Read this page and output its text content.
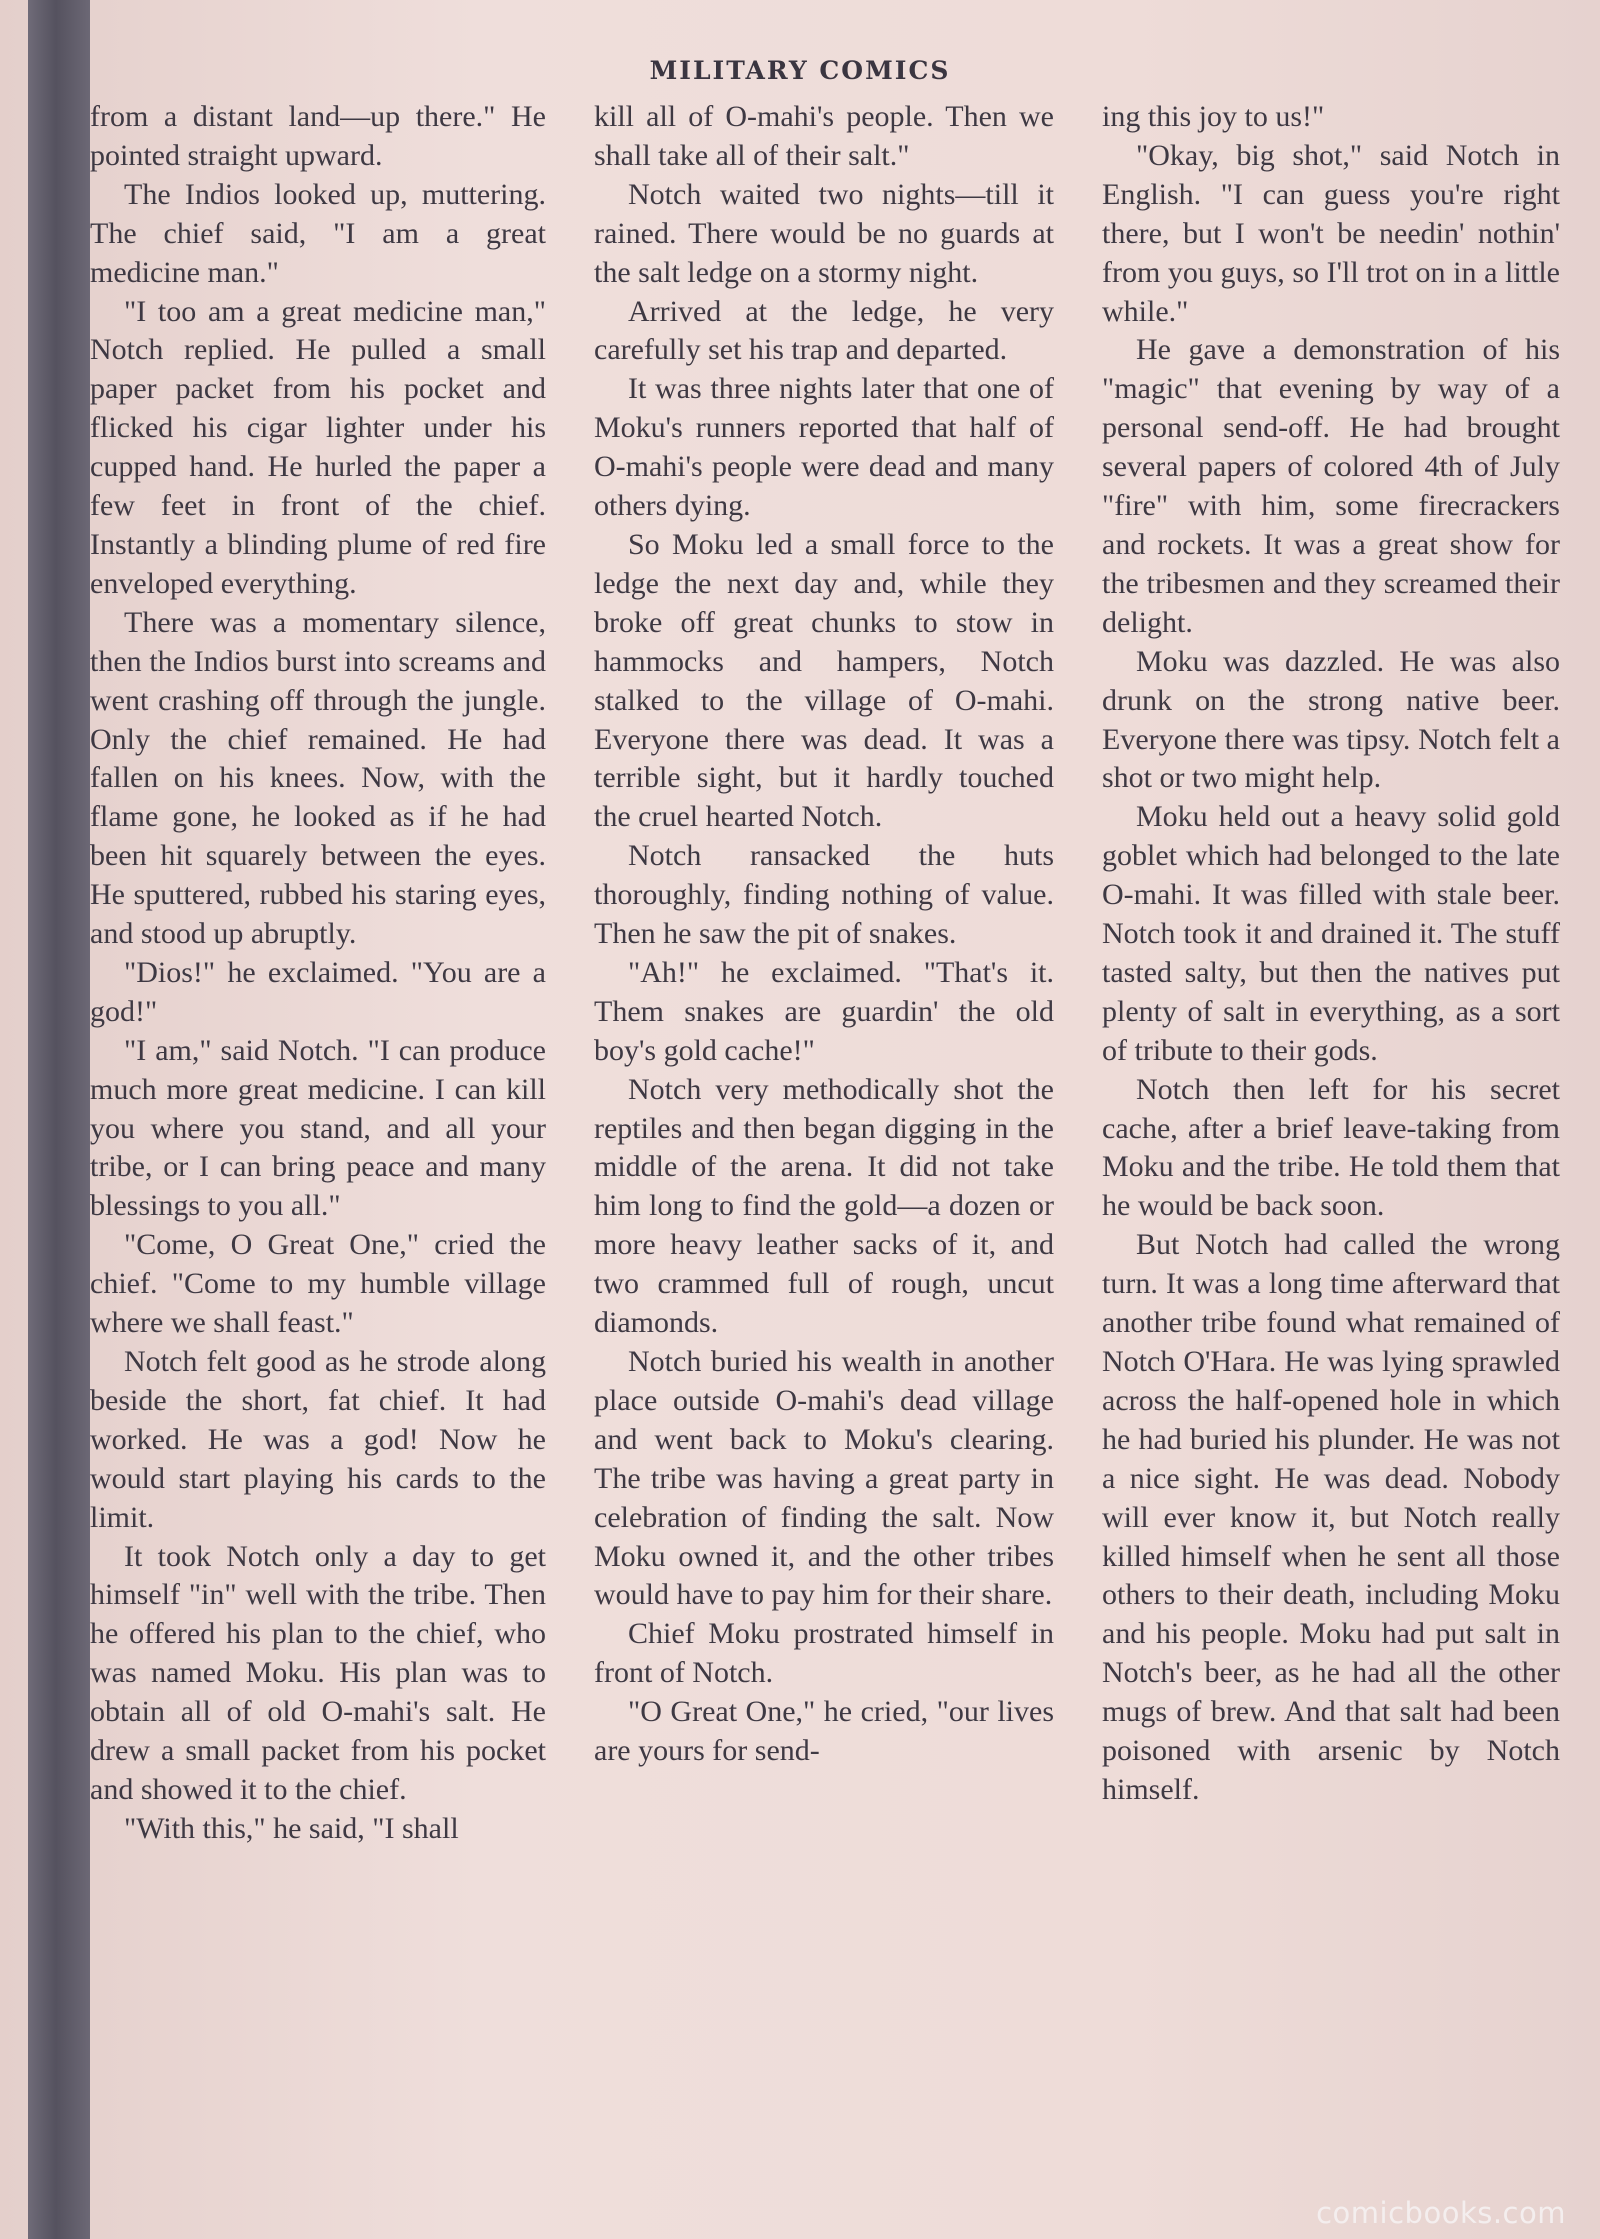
MILITARY COMICS

from a distant land—up there." He pointed straight upward.

The Indios looked up, muttering. The chief said, "I am a great medicine man."

"I too am a great medicine man," Notch replied. He pulled a small paper packet from his pocket and flicked his cigar lighter under his cupped hand. He hurled the paper a few feet in front of the chief. Instantly a blinding plume of red fire enveloped everything.

There was a momentary silence, then the Indios burst into screams and went crashing off through the jungle. Only the chief remained. He had fallen on his knees. Now, with the flame gone, he looked as if he had been hit squarely between the eyes. He sputtered, rubbed his staring eyes, and stood up abruptly.

"Dios!" he exclaimed. "You are a god!"

"I am," said Notch. "I can produce much more great medicine. I can kill you where you stand, and all your tribe, or I can bring peace and many blessings to you all."

"Come, O Great One," cried the chief. "Come to my humble village where we shall feast."

Notch felt good as he strode along beside the short, fat chief. It had worked. He was a god! Now he would start playing his cards to the limit.

It took Notch only a day to get himself "in" well with the tribe. Then he offered his plan to the chief, who was named Moku. His plan was to obtain all of old O-mahi's salt. He drew a small packet from his pocket and showed it to the chief.

"With this," he said, "I shall

kill all of O-mahi's people. Then we shall take all of their salt."

Notch waited two nights—till it rained. There would be no guards at the salt ledge on a stormy night.

Arrived at the ledge, he very carefully set his trap and departed.

It was three nights later that one of Moku's runners reported that half of O-mahi's people were dead and many others dying.

So Moku led a small force to the ledge the next day and, while they broke off great chunks to stow in hammocks and hampers, Notch stalked to the village of O-mahi. Everyone there was dead. It was a terrible sight, but it hardly touched the cruel hearted Notch.

Notch ransacked the huts thoroughly, finding nothing of value. Then he saw the pit of snakes.

"Ah!" he exclaimed. "That's it. Them snakes are guardin' the old boy's gold cache!"

Notch very methodically shot the reptiles and then began digging in the middle of the arena. It did not take him long to find the gold—a dozen or more heavy leather sacks of it, and two crammed full of rough, uncut diamonds.

Notch buried his wealth in another place outside O-mahi's dead village and went back to Moku's clearing. The tribe was having a great party in celebration of finding the salt. Now Moku owned it, and the other tribes would have to pay him for their share.

Chief Moku prostrated himself in front of Notch.

"O Great One," he cried, "our lives are yours for send-

ing this joy to us!"

"Okay, big shot," said Notch in English. "I can guess you're right there, but I won't be needin' nothin' from you guys, so I'll trot on in a little while."

He gave a demonstration of his "magic" that evening by way of a personal send-off. He had brought several papers of colored 4th of July "fire" with him, some firecrackers and rockets. It was a great show for the tribesmen and they screamed their delight.

Moku was dazzled. He was also drunk on the strong native beer. Everyone there was tipsy. Notch felt a shot or two might help.

Moku held out a heavy solid gold goblet which had belonged to the late O-mahi. It was filled with stale beer. Notch took it and drained it. The stuff tasted salty, but then the natives put plenty of salt in everything, as a sort of tribute to their gods.

Notch then left for his secret cache, after a brief leave-taking from Moku and the tribe. He told them that he would be back soon.

But Notch had called the wrong turn. It was a long time afterward that another tribe found what remained of Notch O'Hara. He was lying sprawled across the half-opened hole in which he had buried his plunder. He was not a nice sight. He was dead. Nobody will ever know it, but Notch really killed himself when he sent all those others to their death, including Moku and his people. Moku had put salt in Notch's beer, as he had all the other mugs of brew. And that salt had been poisoned with arsenic by Notch himself.

comicbooks.com
